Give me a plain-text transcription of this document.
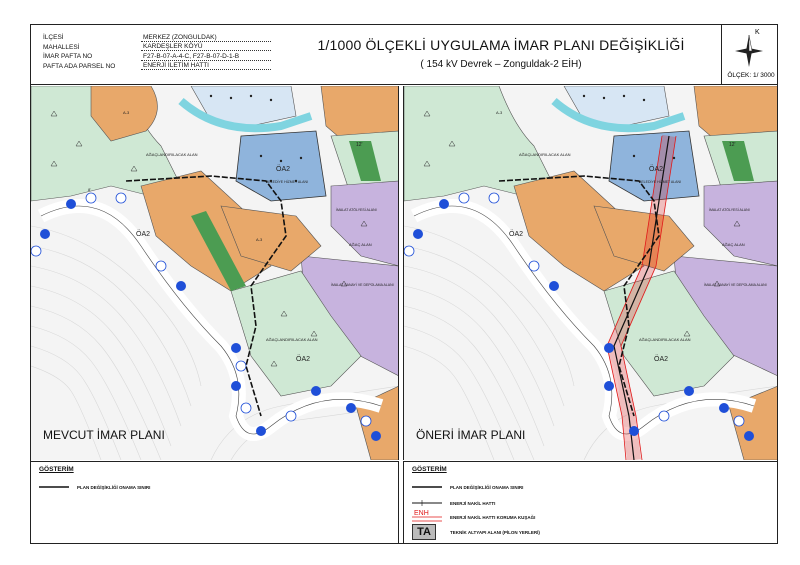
İLÇESİ	MERKEZ (ZONGULDAK)
MAHALLESİ	KARDEŞLER KÖYÜ
İMAR PAFTA NO	F27-B-07-A-4-C, F27-B-07-D-1-B
PAFTA ADA PARSEL NO	ENERJİ İLETİM HATTI
1/1000 ÖLÇEKLİ UYGULAMA İMAR PLANI DEĞİŞİKLİĞİ
( 154 kV Devrek – Zonguldak-2 EİH)
K
ÖLÇEK: 1/ 3000
ÖA2
ÖA2
ÖA2
AĞAÇLANDIRILACAK ALAN
AĞAÇLANDIRILACAK ALAN
BELEDİYE HİZMET ALANI
AĞAÇ ALAN
İMALAT ATÖLYESİ ALANI
İMALAT SANAYİ VE DEPOLAMA ALANI
A-3
A-3
8'
12'
MEVCUT İMAR PLANI
ÖA2
ÖA2
ÖA2
AĞAÇLANDIRILACAK ALAN
AĞAÇLANDIRILACAK ALAN
BELEDİYE HİZMET ALANI
AĞAÇ ALAN
İMALAT ATÖLYESİ ALANI
İMALAT SANAYİ VE DEPOLAMA ALANI
A-3
12'
ÖNERİ İMAR PLANI
GÖSTERİM
PLAN DEĞİŞİKLİĞİ ONAMA SINIRI
GÖSTERİM
PLAN DEĞİŞİKLİĞİ ONAMA SINIRI
ENERJİ NAKİL HATTI
ENH	ENERJİ NAKİL HATTI KORUMA KUŞAĞI
TA	TEKNİK ALTYAPI ALANI (PİLON YERLERİ)
